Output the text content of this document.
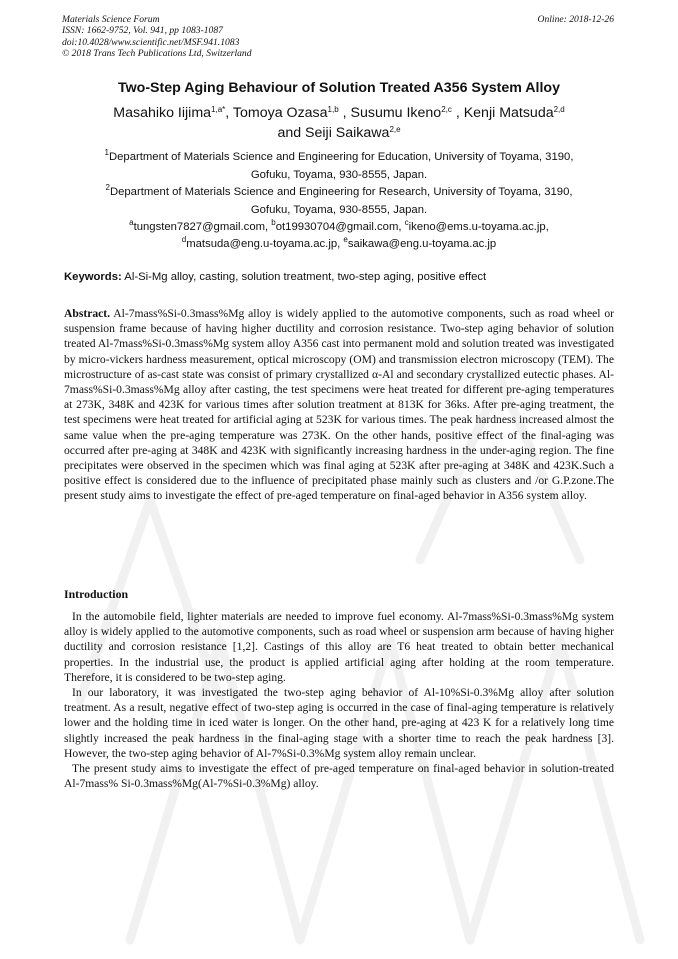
Materials Science Forum
ISSN: 1662-9752, Vol. 941, pp 1083-1087
doi:10.4028/www.scientific.net/MSF.941.1083
© 2018 Trans Tech Publications Ltd, Switzerland
Online: 2018-12-26
Two-Step Aging Behaviour of Solution Treated A356 System Alloy
Masahiko Iijima$^{1,a*}$, Tomoya Ozasa$^{1,b}$ , Susumu Ikeno$^{2,c}$ , Kenji Matsuda$^{2,d}$
and Seiji Saikawa$^{2,e}$
$^1$Department of Materials Science and Engineering for Education, University of Toyama, 3190,
Gofuku, Toyama, 930-8555, Japan.
$^2$Department of Materials Science and Engineering for Research, University of Toyama, 3190,
Gofuku, Toyama, 930-8555, Japan.
$^a$tungsten7827@gmail.com, $^b$ot19930704@gmail.com, $^c$ikeno@ems.u-toyama.ac.jp,
$^d$matsuda@eng.u-toyama.ac.jp, $^e$saikawa@eng.u-toyama.ac.jp
Keywords: Al-Si-Mg alloy, casting, solution treatment, two-step aging, positive effect
Abstract. Al-7mass%Si-0.3mass%Mg alloy is widely applied to the automotive components, such as road wheel or suspension frame because of having higher ductility and corrosion resistance. Two-step aging behavior of solution treated Al-7mass%Si-0.3mass%Mg system alloy A356 cast into permanent mold and solution treated was investigated by micro-vickers hardness measurement, optical microscopy (OM) and transmission electron microscopy (TEM). The microstructure of as-cast state was consist of primary crystallized α-Al and secondary crystallized eutectic phases. Al-7mass%Si-0.3mass%Mg alloy after casting, the test specimens were heat treated for different pre-aging temperatures at 273K, 348K and 423K for various times after solution treatment at 813K for 36ks. After pre-aging treatment, the test specimens were heat treated for artificial aging at 523K for various times. The peak hardness increased almost the same value when the pre-aging temperature was 273K. On the other hands, positive effect of the final-aging was occurred after pre-aging at 348K and 423K with significantly increasing hardness in the under-aging region. The fine precipitates were observed in the specimen which was final aging at 523K after pre-aging at 348K and 423K.Such a positive effect is considered due to the influence of precipitated phase mainly such as clusters and /or G.P.zone.The present study aims to investigate the effect of pre-aged temperature on final-aged behavior in A356 system alloy.
Introduction

In the automobile field, lighter materials are needed to improve fuel economy. Al-7mass%Si-0.3mass%Mg system alloy is widely applied to the automotive components, such as road wheel or suspension arm because of having higher ductility and corrosion resistance [1,2]. Castings of this alloy are T6 heat treated to obtain better mechanical properties. In the industrial use, the product is applied artificial aging after holding at the room temperature. Therefore, it is considered to be two-step aging.

In our laboratory, it was investigated the two-step aging behavior of Al-10%Si-0.3%Mg alloy after solution treatment. As a result, negative effect of two-step aging is occurred in the case of final-aging temperature is relatively lower and the holding time in iced water is longer. On the other hand, pre-aging at 423 K for a relatively long time slightly increased the peak hardness in the final-aging stage with a shorter time to reach the peak hardness [3]. However, the two-step aging behavior of Al-7%Si-0.3%Mg system alloy remain unclear.

The present study aims to investigate the effect of pre-aged temperature on final-aged behavior in solution-treated Al-7mass% Si-0.3mass%Mg(Al-7%Si-0.3%Mg) alloy.
